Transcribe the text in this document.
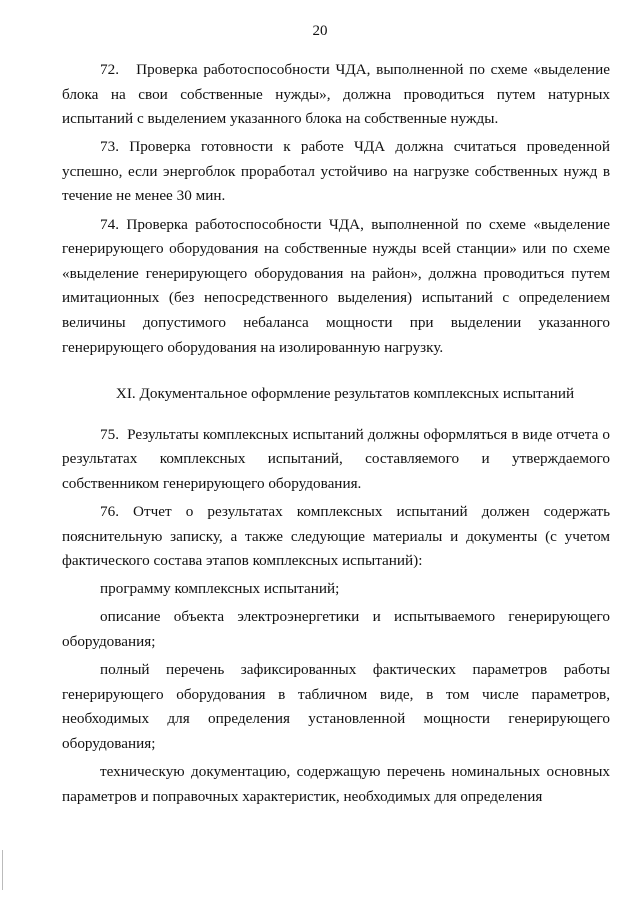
20

72.   Проверка работоспособности ЧДА, выполненной по схеме «выделение блока на свои собственные нужды», должна проводиться путем натурных испытаний с выделением указанного блока на собственные нужды.

73. Проверка готовности к работе ЧДА должна считаться проведенной успешно, если энергоблок проработал устойчиво на нагрузке собственных нужд в течение не менее 30 мин.

74. Проверка работоспособности ЧДА, выполненной по схеме «выделение генерирующего оборудования на собственные нужды всей станции» или по схеме «выделение генерирующего оборудования на район», должна проводиться путем имитационных (без непосредственного выделения) испытаний с определением величины допустимого небаланса мощности при выделении указанного генерирующего оборудования на изолированную нагрузку.

XI. Документальное оформление результатов комплексных испытаний

75.  Результаты комплексных испытаний должны оформляться в виде отчета о результатах комплексных испытаний, составляемого и утверждаемого собственником генерирующего оборудования.

76. Отчет о результатах комплексных испытаний должен содержать пояснительную записку, а также следующие материалы и документы (с учетом фактического состава этапов комплексных испытаний):

программу комплексных испытаний;

описание объекта электроэнергетики и испытываемого генерирующего оборудования;

полный перечень зафиксированных фактических параметров работы генерирующего оборудования в табличном виде, в том числе параметров, необходимых для определения установленной мощности генерирующего оборудования;

техническую документацию, содержащую перечень номинальных основных параметров и поправочных характеристик, необходимых для определения
